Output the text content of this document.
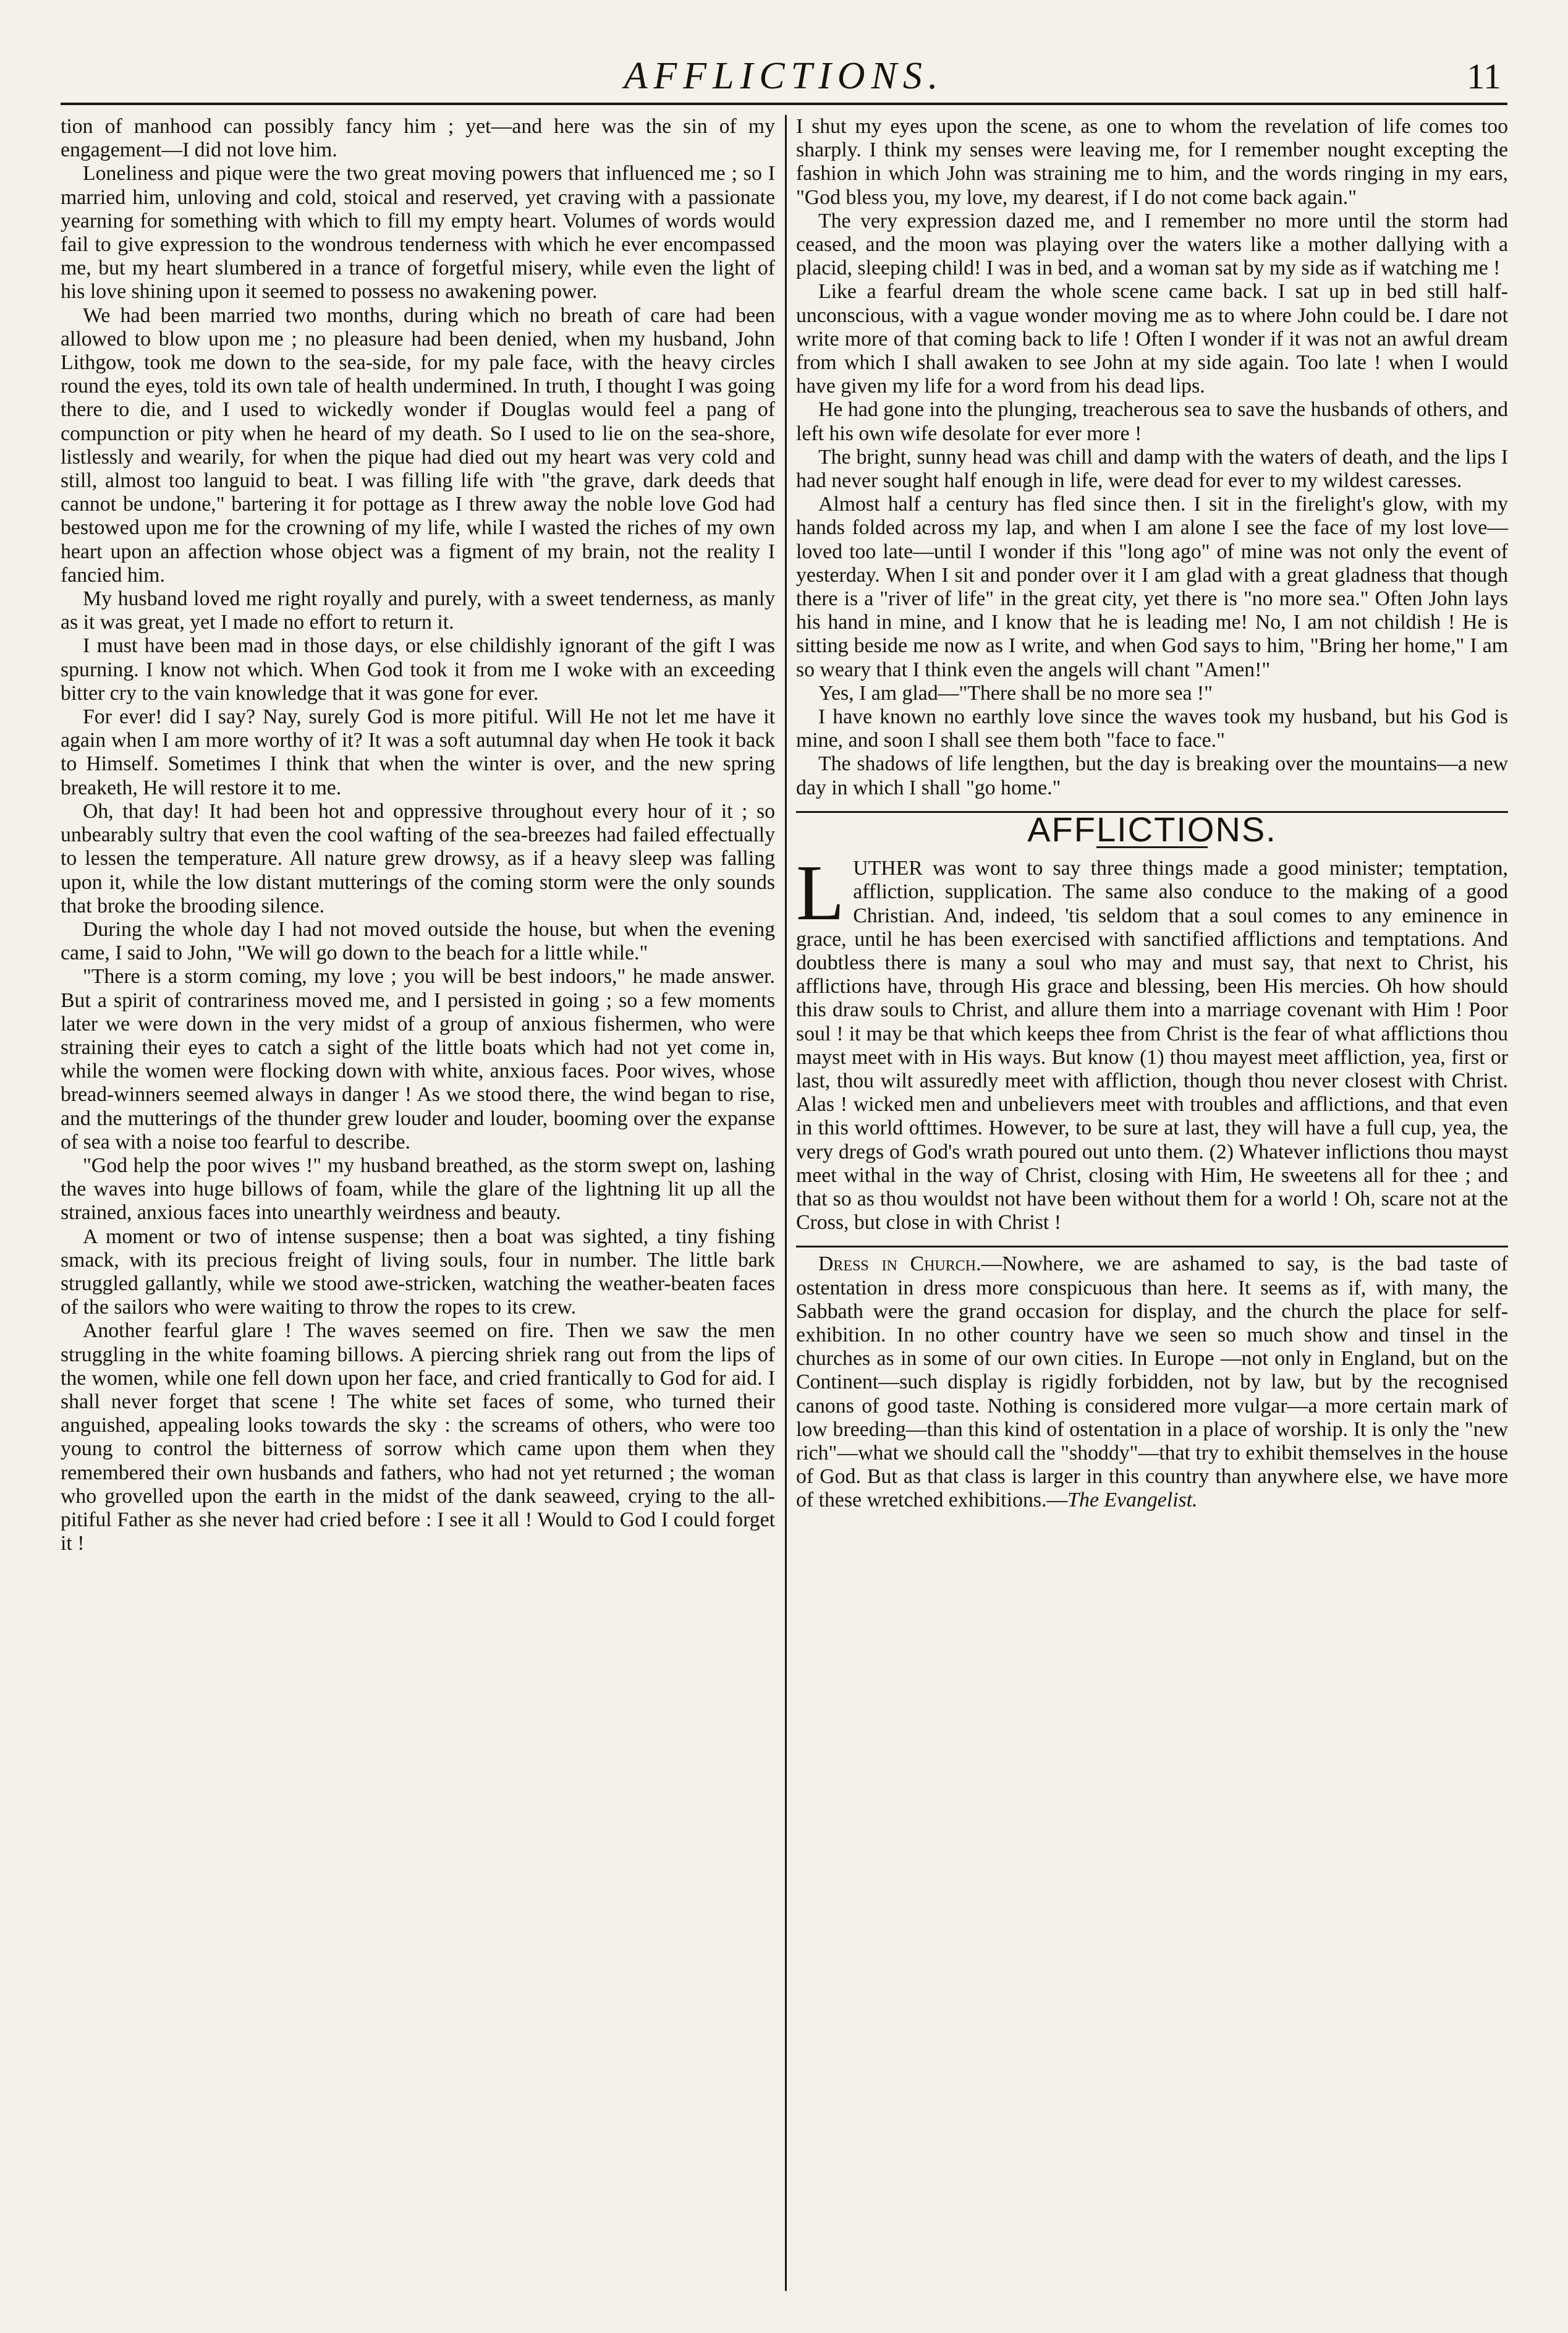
AFFLICTIONS.	11

tion of manhood can possibly fancy him ; yet—and here was the sin of my engagement—I did not love him.

Loneliness and pique were the two great moving powers that influenced me ; so I married him, unloving and cold, stoical and reserved, yet craving with a passionate yearning for something with which to fill my empty heart. Volumes of words would fail to give expression to the wondrous tenderness with which he ever encompassed me, but my heart slumbered in a trance of forgetful misery, while even the light of his love shining upon it seemed to possess no awakening power.

We had been married two months, during which no breath of care had been allowed to blow upon me ; no pleasure had been denied, when my husband, John Lithgow, took me down to the sea-side, for my pale face, with the heavy circles round the eyes, told its own tale of health undermined. In truth, I thought I was going there to die, and I used to wickedly wonder if Douglas would feel a pang of compunction or pity when he heard of my death. So I used to lie on the sea-shore, listlessly and wearily, for when the pique had died out my heart was very cold and still, almost too languid to beat. I was filling life with "the grave, dark deeds that cannot be undone," bartering it for pottage as I threw away the noble love God had bestowed upon me for the crowning of my life, while I wasted the riches of my own heart upon an affection whose object was a figment of my brain, not the reality I fancied him.

My husband loved me right royally and purely, with a sweet tenderness, as manly as it was great, yet I made no effort to return it.

I must have been mad in those days, or else childishly ignorant of the gift I was spurning. I know not which. When God took it from me I woke with an exceeding bitter cry to the vain knowledge that it was gone for ever.

For ever! did I say? Nay, surely God is more pitiful. Will He not let me have it again when I am more worthy of it? It was a soft autumnal day when He took it back to Himself. Sometimes I think that when the winter is over, and the new spring breaketh, He will restore it to me.

Oh, that day! It had been hot and oppressive throughout every hour of it ; so unbearably sultry that even the cool wafting of the sea-breezes had failed effectually to lessen the temperature. All nature grew drowsy, as if a heavy sleep was falling upon it, while the low distant mutterings of the coming storm were the only sounds that broke the brooding silence.

During the whole day I had not moved outside the house, but when the evening came, I said to John, "We will go down to the beach for a little while."

"There is a storm coming, my love ; you will be best indoors," he made answer. But a spirit of contrariness moved me, and I persisted in going ; so a few moments later we were down in the very midst of a group of anxious fishermen, who were straining their eyes to catch a sight of the little boats which had not yet come in, while the women were flocking down with white, anxious faces. Poor wives, whose bread-winners seemed always in danger ! As we stood there, the wind began to rise, and the mutterings of the thunder grew louder and louder, booming over the expanse of sea with a noise too fearful to describe.

"God help the poor wives !" my husband breathed, as the storm swept on, lashing the waves into huge billows of foam, while the glare of the lightning lit up all the strained, anxious faces into unearthly weirdness and beauty.

A moment or two of intense suspense; then a boat was sighted, a tiny fishing smack, with its precious freight of living souls, four in number. The little bark struggled gallantly, while we stood awe-stricken, watching the weather-beaten faces of the sailors who were waiting to throw the ropes to its crew.

Another fearful glare ! The waves seemed on fire. Then we saw the men struggling in the white foaming billows. A piercing shriek rang out from the lips of the women, while one fell down upon her face, and cried frantically to God for aid. I shall never forget that scene ! The white set faces of some, who turned their anguished, appealing looks towards the sky : the screams of others, who were too young to control the bitterness of sorrow which came upon them when they remembered their own husbands and fathers, who had not yet returned ; the woman who grovelled upon the earth in the midst of the dank seaweed, crying to the all-pitiful Father as she never had cried before : I see it all ! Would to God I could forget it !

I shut my eyes upon the scene, as one to whom the revelation of life comes too sharply. I think my senses were leaving me, for I remember nought excepting the fashion in which John was straining me to him, and the words ringing in my ears, "God bless you, my love, my dearest, if I do not come back again."

The very expression dazed me, and I remember no more until the storm had ceased, and the moon was playing over the waters like a mother dallying with a placid, sleeping child! I was in bed, and a woman sat by my side as if watching me !

Like a fearful dream the whole scene came back. I sat up in bed still half-unconscious, with a vague wonder moving me as to where John could be. I dare not write more of that coming back to life ! Often I wonder if it was not an awful dream from which I shall awaken to see John at my side again. Too late ! when I would have given my life for a word from his dead lips.

He had gone into the plunging, treacherous sea to save the husbands of others, and left his own wife desolate for ever more !

The bright, sunny head was chill and damp with the waters of death, and the lips I had never sought half enough in life, were dead for ever to my wildest caresses.

Almost half a century has fled since then. I sit in the firelight's glow, with my hands folded across my lap, and when I am alone I see the face of my lost love—loved too late—until I wonder if this "long ago" of mine was not only the event of yesterday. When I sit and ponder over it I am glad with a great gladness that though there is a "river of life" in the great city, yet there is "no more sea." Often John lays his hand in mine, and I know that he is leading me! No, I am not childish ! He is sitting beside me now as I write, and when God says to him, "Bring her home," I am so weary that I think even the angels will chant "Amen!"

Yes, I am glad—"There shall be no more sea !"

I have known no earthly love since the waves took my husband, but his God is mine, and soon I shall see them both "face to face."

The shadows of life lengthen, but the day is breaking over the mountains—a new day in which I shall "go home."

AFFLICTIONS.

LUTHER was wont to say three things made a good minister; temptation, affliction, supplication. The same also conduce to the making of a good Christian. And, indeed, 'tis seldom that a soul comes to any eminence in grace, until he has been exercised with sanctified afflictions and temptations. And doubtless there is many a soul who may and must say, that next to Christ, his afflictions have, through His grace and blessing, been His mercies. Oh how should this draw souls to Christ, and allure them into a marriage covenant with Him ! Poor soul ! it may be that which keeps thee from Christ is the fear of what afflictions thou mayst meet with in His ways. But know (1) thou mayest meet affliction, yea, first or last, thou wilt assuredly meet with affliction, though thou never closest with Christ. Alas ! wicked men and unbelievers meet with troubles and afflictions, and that even in this world ofttimes. However, to be sure at last, they will have a full cup, yea, the very dregs of God's wrath poured out unto them. (2) Whatever inflictions thou mayst meet withal in the way of Christ, closing with Him, He sweetens all for thee ; and that so as thou wouldst not have been without them for a world ! Oh, scare not at the Cross, but close in with Christ !

Dress in Church.—Nowhere, we are ashamed to say, is the bad taste of ostentation in dress more conspicuous than here. It seems as if, with many, the Sabbath were the grand occasion for display, and the church the place for self-exhibition. In no other country have we seen so much show and tinsel in the churches as in some of our own cities. In Europe —not only in England, but on the Continent—such display is rigidly forbidden, not by law, but by the recognised canons of good taste. Nothing is considered more vulgar—a more certain mark of low breeding—than this kind of ostentation in a place of worship. It is only the "new rich"—what we should call the "shoddy"—that try to exhibit themselves in the house of God. But as that class is larger in this country than anywhere else, we have more of these wretched exhibitions.—The Evangelist.
